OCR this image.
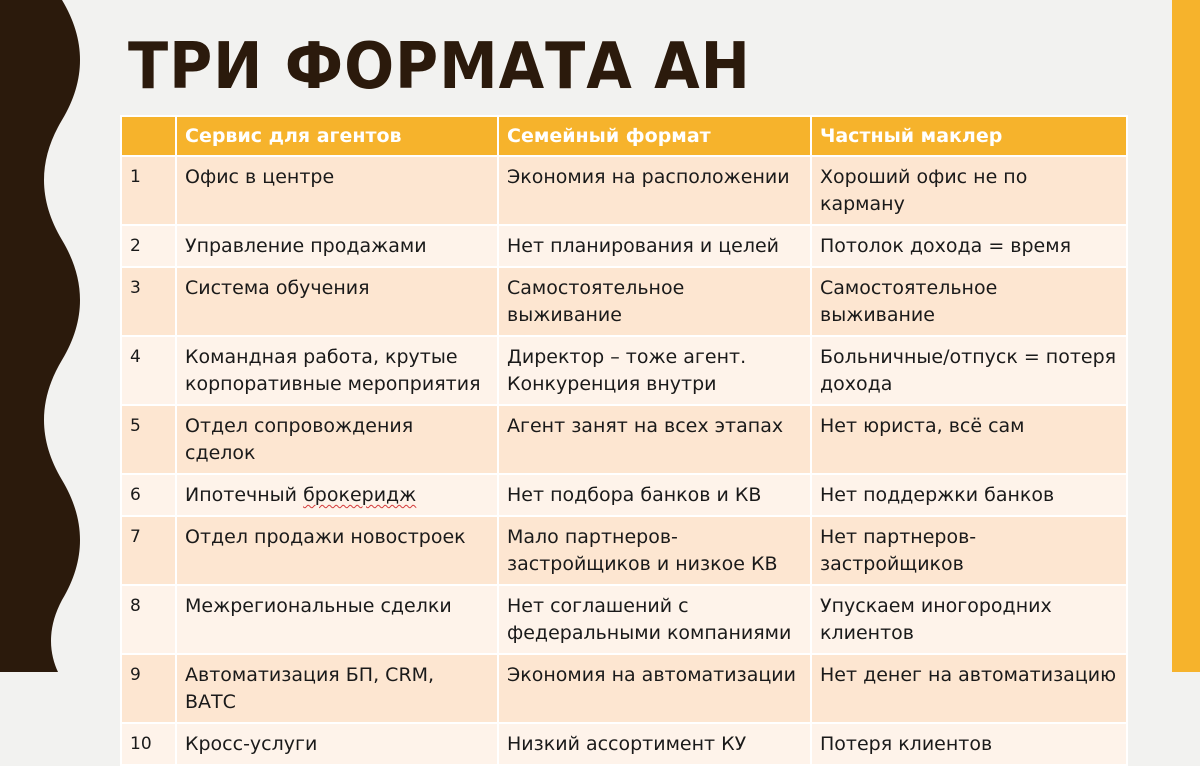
ТРИ ФОРМАТА АН
	Сервис для агентов	Семейный формат	Частный маклер
1	Офис в центре	Экономия на расположении	Хороший офис не по карману
2	Управление продажами	Нет планирования и целей	Потолок дохода = время
3	Система обучения	Самостоятельное выживание	Самостоятельное выживание
4	Командная работа, крутые корпоративные мероприятия	Директор – тоже агент. Конкуренция внутри	Больничные/отпуск = потеря дохода
5	Отдел сопровождения сделок	Агент занят на всех этапах	Нет юриста, всё сам
6	Ипотечный брокеридж	Нет подбора банков и КВ	Нет поддержки банков
7	Отдел продажи новостроек	Мало партнеров-застройщиков и низкое КВ	Нет партнеров-застройщиков
8	Межрегиональные сделки	Нет соглашений с федеральными компаниями	Упускаем иногородних клиентов
9	Автоматизация БП, CRM, ВАТС	Экономия на автоматизации	Нет денег на автоматизацию
10	Кросс-услуги	Низкий ассортимент КУ	Потеря клиентов
